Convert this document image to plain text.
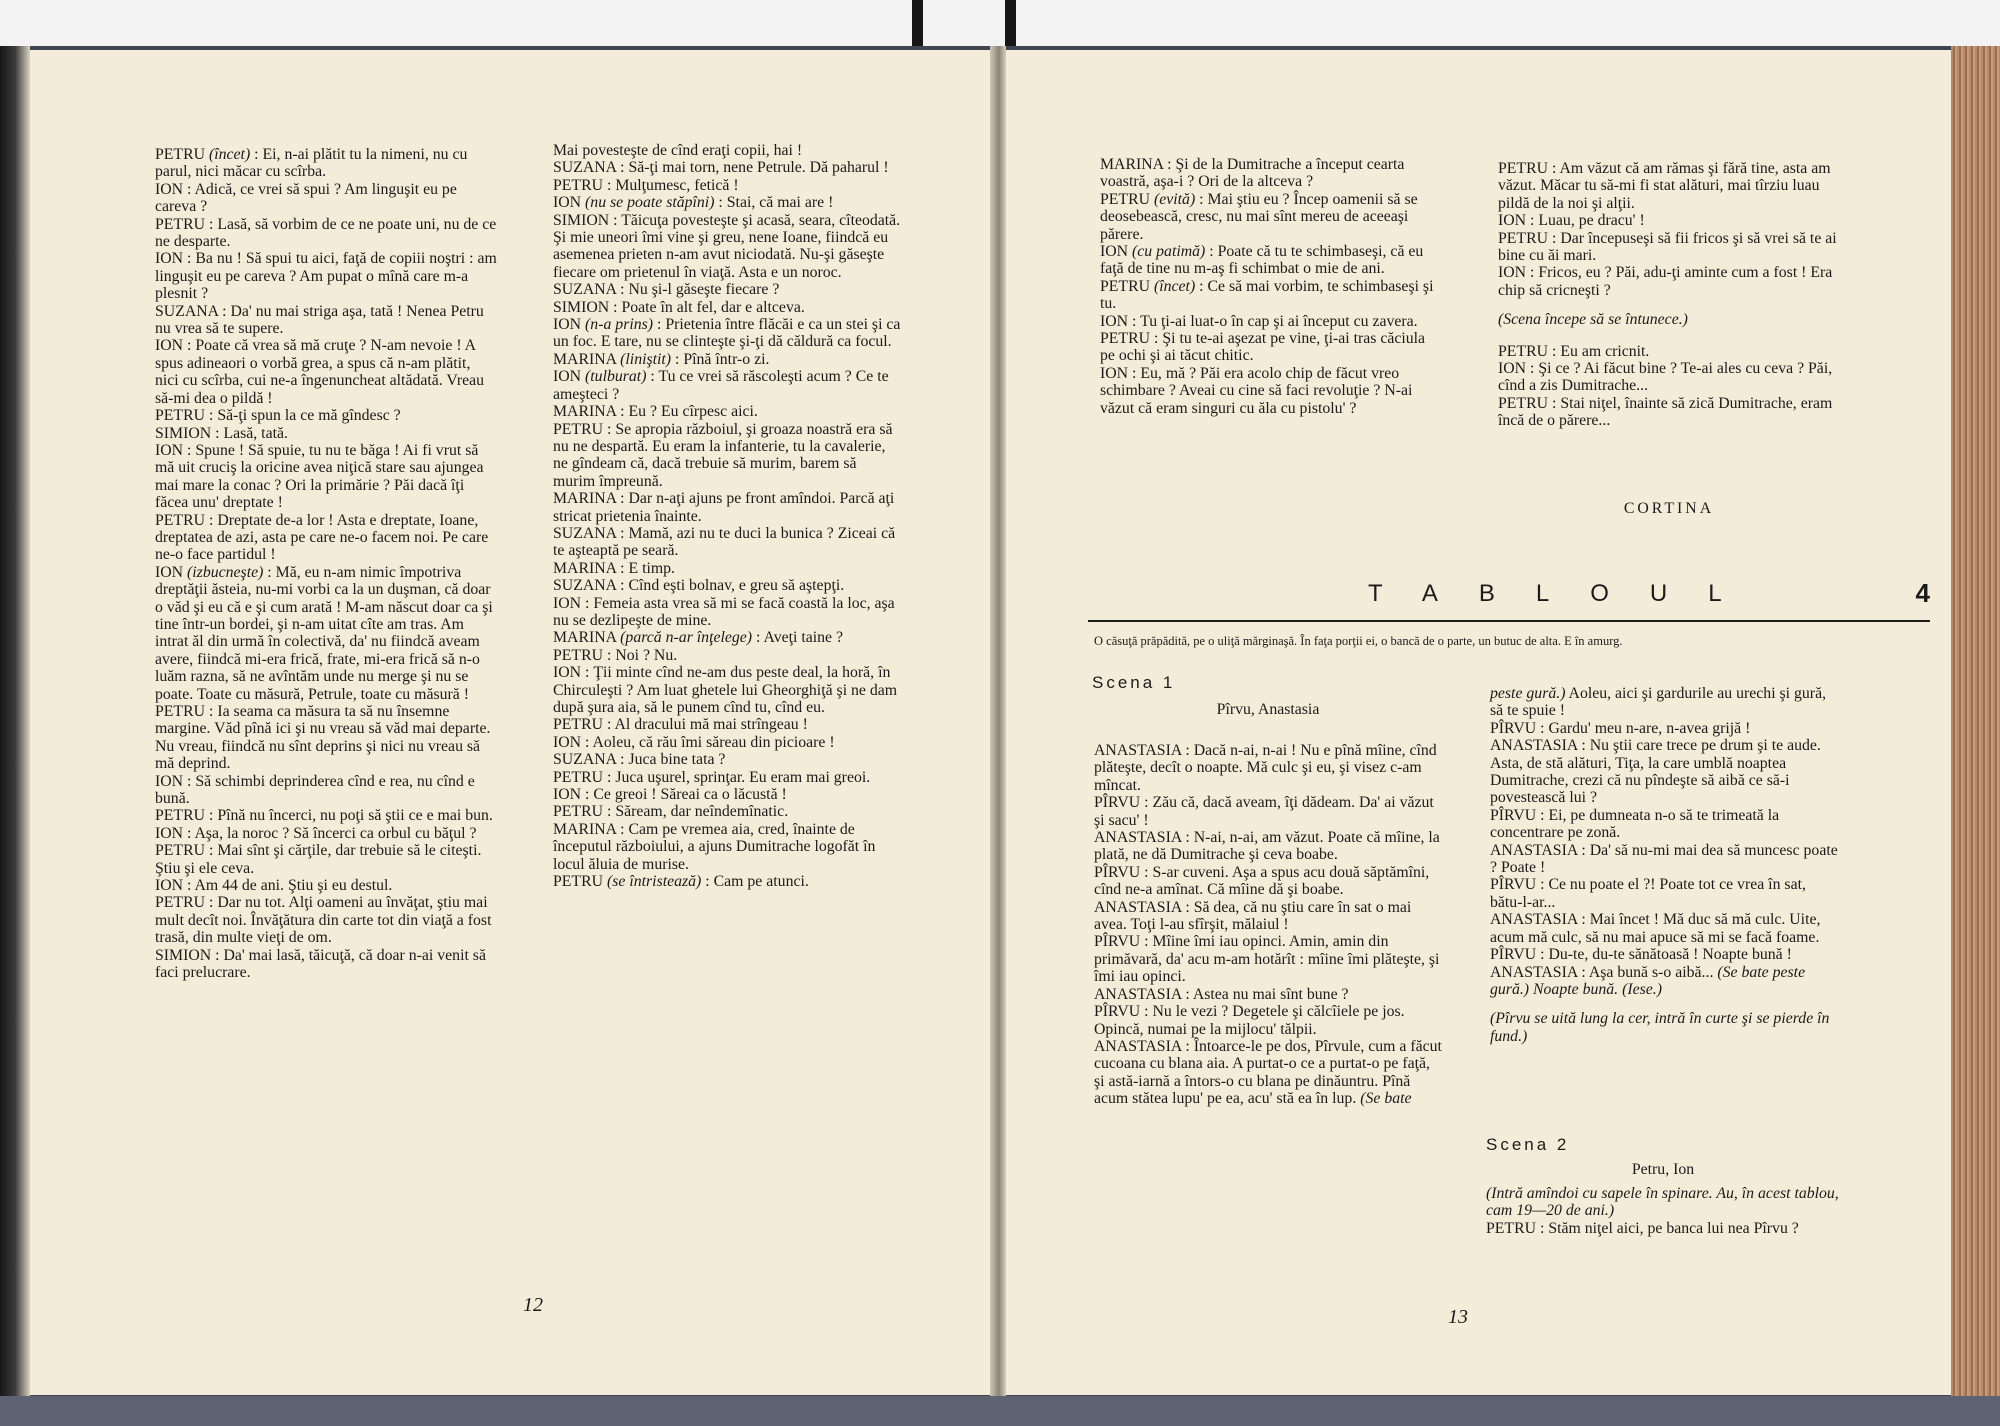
PETRU (încet) : Ei, n-ai plătit tu la nimeni, nu cu parul, nici măcar cu scîrba.

ION : Adică, ce vrei să spui ? Am linguşit eu pe careva ?

PETRU : Lasă, să vorbim de ce ne poate uni, nu de ce ne desparte.

ION : Ba nu ! Să spui tu aici, faţă de copiii noştri : am linguşit eu pe careva ? Am pupat o mînă care m-a plesnit ?

SUZANA : Da' nu mai striga aşa, tată ! Nenea Petru nu vrea să te supere.

ION : Poate că vrea să mă cruţe ? N-am nevoie ! A spus adineaori o vorbă grea, a spus că n-am plătit, nici cu scîrba, cui ne-a îngenuncheat altădată. Vreau să-mi dea o pildă !

PETRU : Să-ţi spun la ce mă gîndesc ?

SIMION : Lasă, tată.

ION : Spune ! Să spuie, tu nu te băga ! Ai fi vrut să mă uit cruciş la oricine avea niţică stare sau ajungea mai mare la conac ? Ori la primărie ? Păi dacă îţi făcea unu' dreptate !

PETRU : Dreptate de-a lor ! Asta e dreptate, Ioane, dreptatea de azi, asta pe care ne-o facem noi. Pe care ne-o face partidul !

ION (izbucneşte) : Mă, eu n-am nimic împotriva dreptăţii ăsteia, nu-mi vorbi ca la un duşman, că doar o văd şi eu că e şi cum arată ! M-am născut doar ca şi tine într-un bordei, şi n-am uitat cîte am tras. Am intrat ăl din urmă în colectivă, da' nu fiindcă aveam avere, fiindcă mi-era frică, frate, mi-era frică să n-o luăm razna, să ne avîntăm unde nu merge şi nu se poate. Toate cu măsură, Petrule, toate cu măsură !

PETRU : Ia seama ca măsura ta să nu însemne margine. Văd pînă ici şi nu vreau să văd mai departe. Nu vreau, fiindcă nu sînt deprins şi nici nu vreau să mă deprind.

ION : Să schimbi deprinderea cînd e rea, nu cînd e bună.

PETRU : Pînă nu încerci, nu poţi să ştii ce e mai bun.

ION : Aşa, la noroc ? Să încerci ca orbul cu băţul ?

PETRU : Mai sînt şi cărţile, dar trebuie să le citeşti. Ştiu şi ele ceva.

ION : Am 44 de ani. Ştiu şi eu destul.

PETRU : Dar nu tot. Alţi oameni au învăţat, ştiu mai mult decît noi. Învăţătura din carte tot din viaţă a fost trasă, din multe vieţi de om.

SIMION : Da' mai lasă, tăicuţă, că doar n-ai venit să faci prelucrare.

Mai povesteşte de cînd eraţi copii, hai !

SUZANA : Să-ţi mai torn, nene Petrule. Dă paharul !

PETRU : Mulţumesc, fetică !

ION (nu se poate stăpîni) : Stai, că mai are !

SIMION : Tăicuţa povesteşte şi acasă, seara, cîteodată. Şi mie uneori îmi vine şi greu, nene Ioane, fiindcă eu asemenea prieten n-am avut niciodată. Nu-şi găseşte fiecare om prietenul în viaţă. Asta e un noroc.

SUZANA : Nu şi-l găseşte fiecare ?

SIMION : Poate în alt fel, dar e altceva.

ION (n-a prins) : Prietenia între flăcăi e ca un stei şi ca un foc. E tare, nu se clinteşte şi-ţi dă căldură ca focul.

MARINA (liniştit) : Pînă într-o zi.

ION (tulburat) : Tu ce vrei să răscoleşti acum ? Ce te ameşteci ?

MARINA : Eu ? Eu cîrpesc aici.

PETRU : Se apropia războiul, şi groaza noastră era să nu ne despartă. Eu eram la infanterie, tu la cavalerie, ne gîndeam că, dacă trebuie să murim, barem să murim împreună.

MARINA : Dar n-aţi ajuns pe front amîndoi. Parcă aţi stricat prietenia înainte.

SUZANA : Mamă, azi nu te duci la bunica ? Ziceai că te aşteaptă pe seară.

MARINA : E timp.

SUZANA : Cînd eşti bolnav, e greu să aştepţi.

ION : Femeia asta vrea să mi se facă coastă la loc, aşa nu se dezlipeşte de mine.

MARINA (parcă n-ar înţelege) : Aveţi taine ?

PETRU : Noi ? Nu.

ION : Ţii minte cînd ne-am dus peste deal, la horă, în Chirculeşti ? Am luat ghetele lui Gheorghiţă şi ne dam după şura aia, să le punem cînd tu, cînd eu.

PETRU : Al dracului mă mai strîngeau !

ION : Aoleu, că rău îmi săreau din picioare !

SUZANA : Juca bine tata ?

PETRU : Juca uşurel, sprinţar. Eu eram mai greoi.

ION : Ce greoi ! Săreai ca o lăcustă !

PETRU : Săream, dar neîndemînatic.

MARINA : Cam pe vremea aia, cred, înainte de începutul războiului, a ajuns Dumitrache logofăt în locul ăluia de murise.

PETRU (se întristează) : Cam pe atunci.

12

MARINA : Şi de la Dumitrache a început cearta voastră, aşa-i ? Ori de la altceva ?

PETRU (evită) : Mai ştiu eu ? Încep oamenii să se deosebească, cresc, nu mai sînt mereu de aceeaşi părere.

ION (cu patimă) : Poate că tu te schimbaseşi, că eu faţă de tine nu m-aş fi schimbat o mie de ani.

PETRU (încet) : Ce să mai vorbim, te schimbaseşi şi tu.

ION : Tu ţi-ai luat-o în cap şi ai început cu zavera.

PETRU : Şi tu te-ai aşezat pe vine, ţi-ai tras căciula pe ochi şi ai tăcut chitic.

ION : Eu, mă ? Păi era acolo chip de făcut vreo schimbare ? Aveai cu cine să faci revoluţie ? N-ai văzut că eram singuri cu ăla cu pistolu' ?

PETRU : Am văzut că am rămas şi fără tine, asta am văzut. Măcar tu să-mi fi stat alături, mai tîrziu luau pildă de la noi şi alţii.

ION : Luau, pe dracu' !

PETRU : Dar începuseşi să fii fricos şi să vrei să te ai bine cu ăi mari.

ION : Fricos, eu ? Păi, adu-ţi aminte cum a fost ! Era chip să cricneşti ?

(Scena începe să se întunece.)

PETRU : Eu am cricnit.

ION : Şi ce ? Ai făcut bine ? Te-ai ales cu ceva ? Păi, cînd a zis Dumitrache...

PETRU : Stai niţel, înainte să zică Dumitrache, eram încă de o părere...

CORTINA
TABLOUL	4
O căsuţă prăpădită, pe o uliţă mărginaşă. În faţa porţii ei, o bancă de o parte, un butuc de alta. E în amurg.

Scena 1

Pîrvu, Anastasia

ANASTASIA : Dacă n-ai, n-ai ! Nu e pînă mîine, cînd plăteşte, decît o noapte. Mă culc şi eu, şi visez c-am mîncat.

PÎRVU : Zău că, dacă aveam, îţi dădeam. Da' ai văzut şi sacu' !

ANASTASIA : N-ai, n-ai, am văzut. Poate că mîine, la plată, ne dă Dumitrache şi ceva boabe.

PÎRVU : S-ar cuveni. Aşa a spus acu două săptămîni, cînd ne-a amînat. Că mîine dă şi boabe.

ANASTASIA : Să dea, că nu ştiu care în sat o mai avea. Toţi l-au sfîrşit, mălaiul !

PÎRVU : Mîine îmi iau opinci. Amin, amin din primăvară, da' acu m-am hotărît : mîine îmi plăteşte, şi îmi iau opinci.

ANASTASIA : Astea nu mai sînt bune ?

PÎRVU : Nu le vezi ? Degetele şi călcîiele pe jos. Opincă, numai pe la mijlocu' tălpii.

ANASTASIA : Întoarce-le pe dos, Pîrvule, cum a făcut cucoana cu blana aia. A purtat-o ce a purtat-o pe faţă, şi astă-iarnă a întors-o cu blana pe dinăuntru. Pînă acum stătea lupu' pe ea, acu' stă ea în lup. (Se bate

peste gură.) Aoleu, aici şi gardurile au urechi şi gură, să te spuie !

PÎRVU : Gardu' meu n-are, n-avea grijă !

ANASTASIA : Nu ştii care trece pe drum şi te aude. Asta, de stă alături, Tiţa, la care umblă noaptea Dumitrache, crezi că nu pîndeşte să aibă ce să-i povestească lui ?

PÎRVU : Ei, pe dumneata n-o să te trimeată la concentrare pe zonă.

ANASTASIA : Da' să nu-mi mai dea să muncesc poate ? Poate !

PÎRVU : Ce nu poate el ?! Poate tot ce vrea în sat, bătu-l-ar...

ANASTASIA : Mai încet ! Mă duc să mă culc. Uite, acum mă culc, să nu mai apuce să mi se facă foame.

PÎRVU : Du-te, du-te sănătoasă ! Noapte bună !

ANASTASIA : Aşa bună s-o aibă... (Se bate peste gură.) Noapte bună. (Iese.)

(Pîrvu se uită lung la cer, intră în curte şi se pierde în fund.)

Scena 2

Petru, Ion

(Intră amîndoi cu sapele în spinare. Au, în acest tablou, cam 19—20 de ani.)

PETRU : Stăm niţel aici, pe banca lui nea Pîrvu ?

13
